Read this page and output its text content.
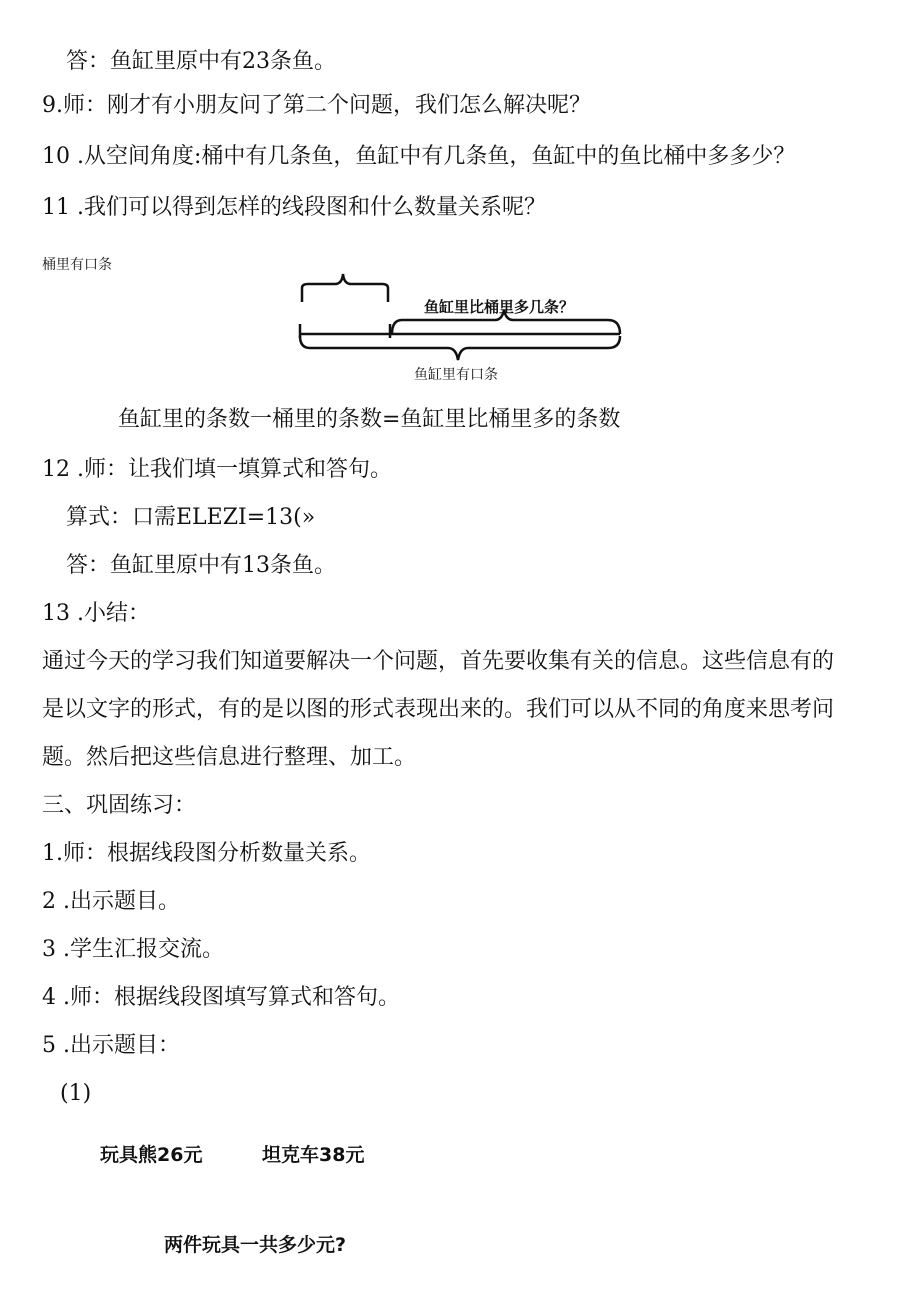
答：鱼缸里原中有23条鱼。
9.师：刚才有小朋友问了第二个问题，我们怎么解决呢？
10 .从空间角度:桶中有几条鱼，鱼缸中有几条鱼，鱼缸中的鱼比桶中多多少？
11 .我们可以得到怎样的线段图和什么数量关系呢？
桶里有口条
鱼缸里比桶里多几条？
鱼缸里有口条
鱼缸里的条数一桶里的条数=鱼缸里比桶里多的条数
12 .师：让我们填一填算式和答句。
算式：口需ELEZI=13(»
答：鱼缸里原中有13条鱼。
13 .小结：
通过今天的学习我们知道要解决一个问题，首先要收集有关的信息。这些信息有的
是以文字的形式，有的是以图的形式表现出来的。我们可以从不同的角度来思考问
题。然后把这些信息进行整理、加工。
三、巩固练习：
1.师：根据线段图分析数量关系。
2 .出示题目。
3 .学生汇报交流。
4 .师：根据线段图填写算式和答句。
5 .出示题目：
(1)
玩具熊26元	坦克车38元
两件玩具一共多少元?
